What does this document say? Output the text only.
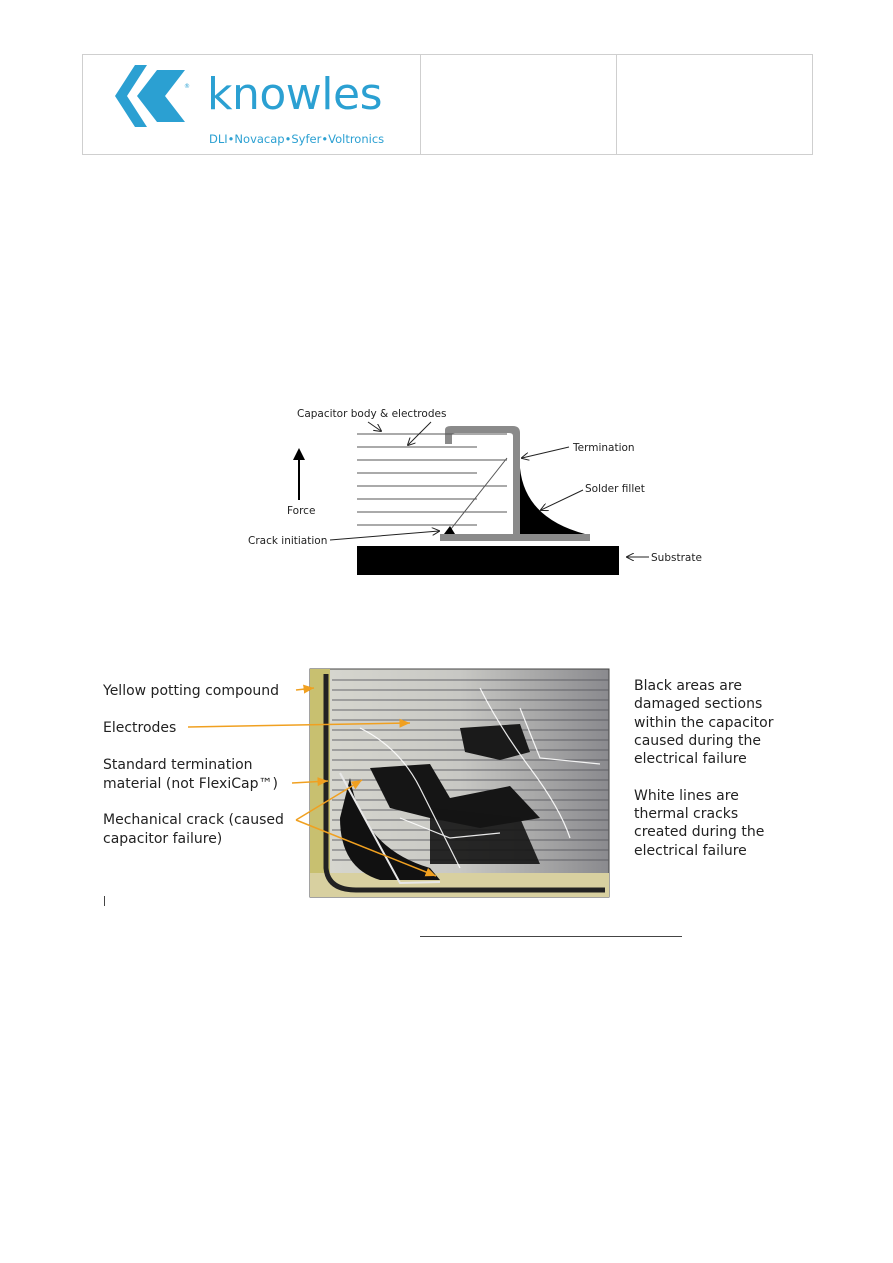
® knowles
DLI•Novacap•Syfer•Voltronics
Capacitor body & electrodes
Termination
Solder fillet
Force
Crack initiation
Substrate
Yellow potting compound
Electrodes
Standard termination
material (not FlexiCap™)
Mechanical crack (caused
capacitor failure)
Black areas are
damaged sections
within the capacitor
caused during the
electrical failure
White lines are
thermal cracks
created during the
electrical failure
